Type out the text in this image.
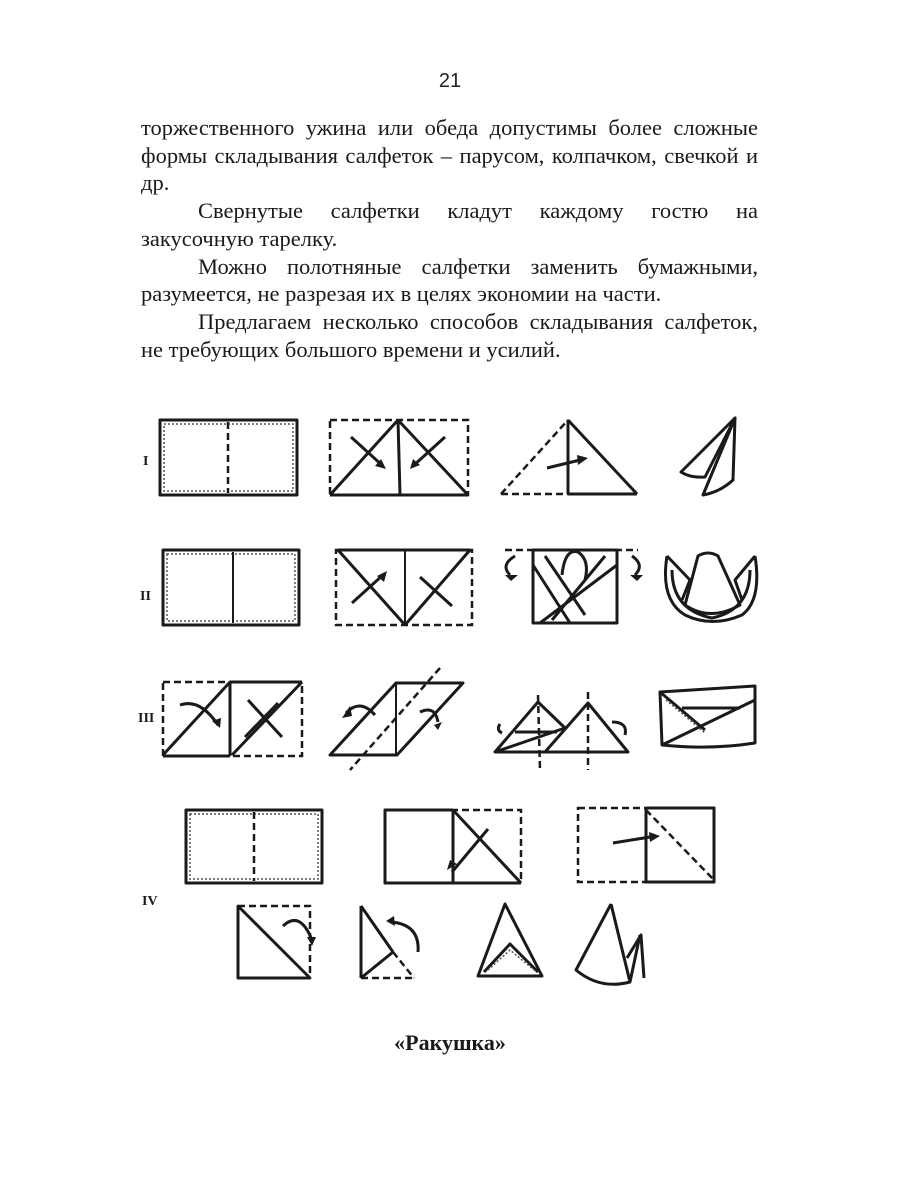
21

торжественного ужина или обеда допустимы более сложные формы складывания салфеток – парусом, колпачком, свечкой и др.

Свернутые салфетки кладут каждому гостю на закусочную тарелку.

Можно полотняные салфетки заменить бумажными, разумеется, не разрезая их в целях экономии на части.

Предлагаем несколько способов складывания салфеток, не требующих большого времени и усилий.

I
II
III
IV
«Ракушка»
